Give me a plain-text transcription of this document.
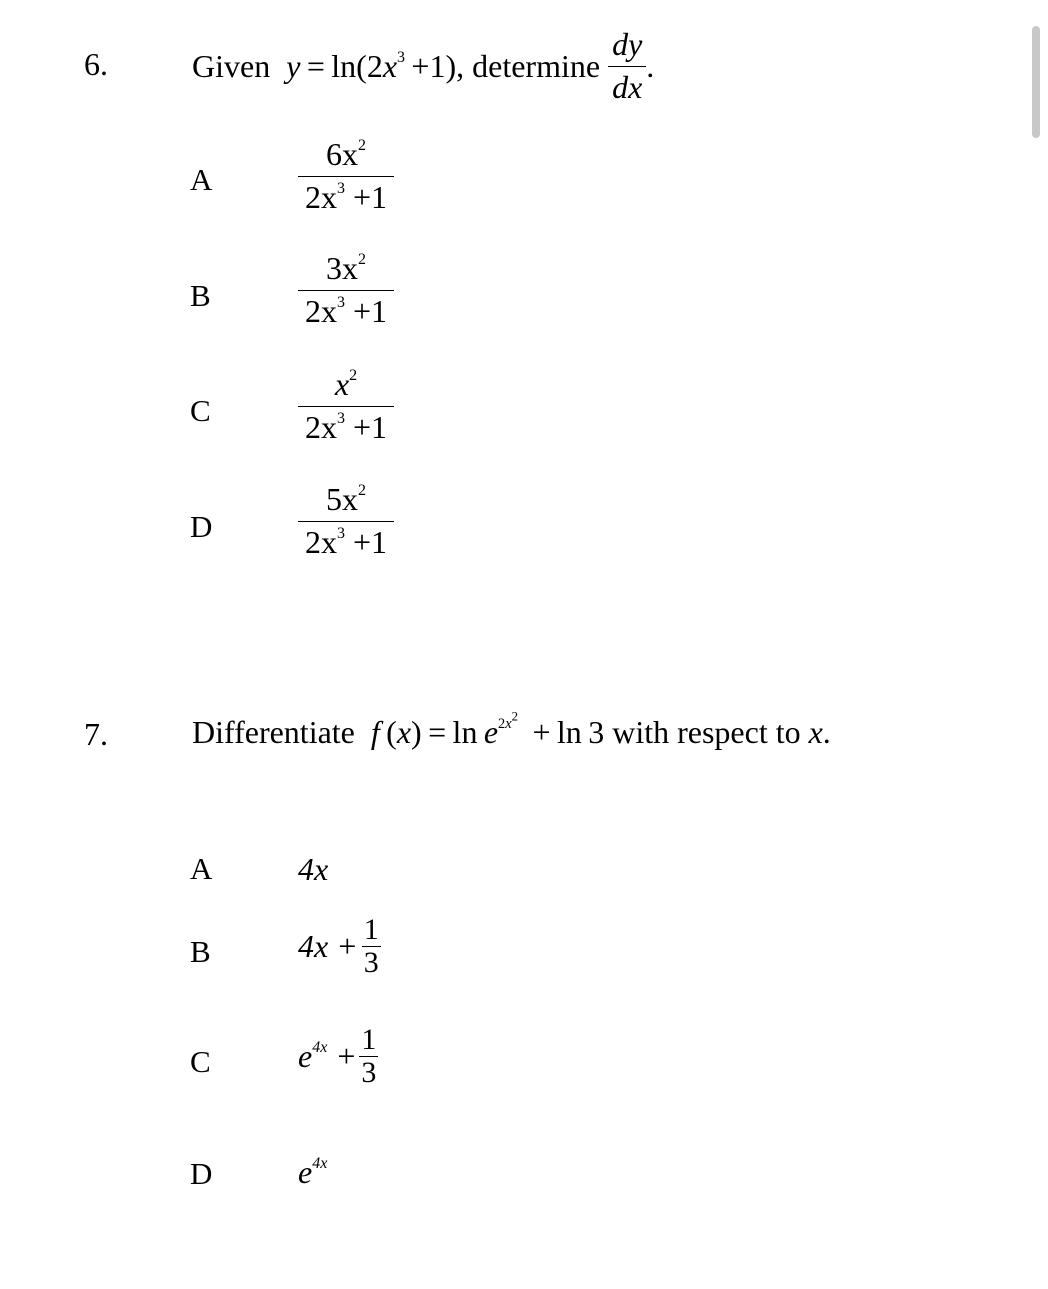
6.	Given $y = \ln(2x^3 +1)$ , determine $\frac{dy}{dx}$ .
A	$\frac{6x^2}{2x^3 +1}$
B	$\frac{3x^2}{2x^3 +1}$
C	$\frac{x^2}{2x^3 +1}$
D	$\frac{5x^2}{2x^3 +1}$
7.	Differentiate f $(x) = \ln e^{2x^2} + \ln 3$ with respect to x.
A	4x
B	$4x + \frac{1}{3}$
C	$e^{4x} + \frac{1}{3}$
D	$e^{4x}$
